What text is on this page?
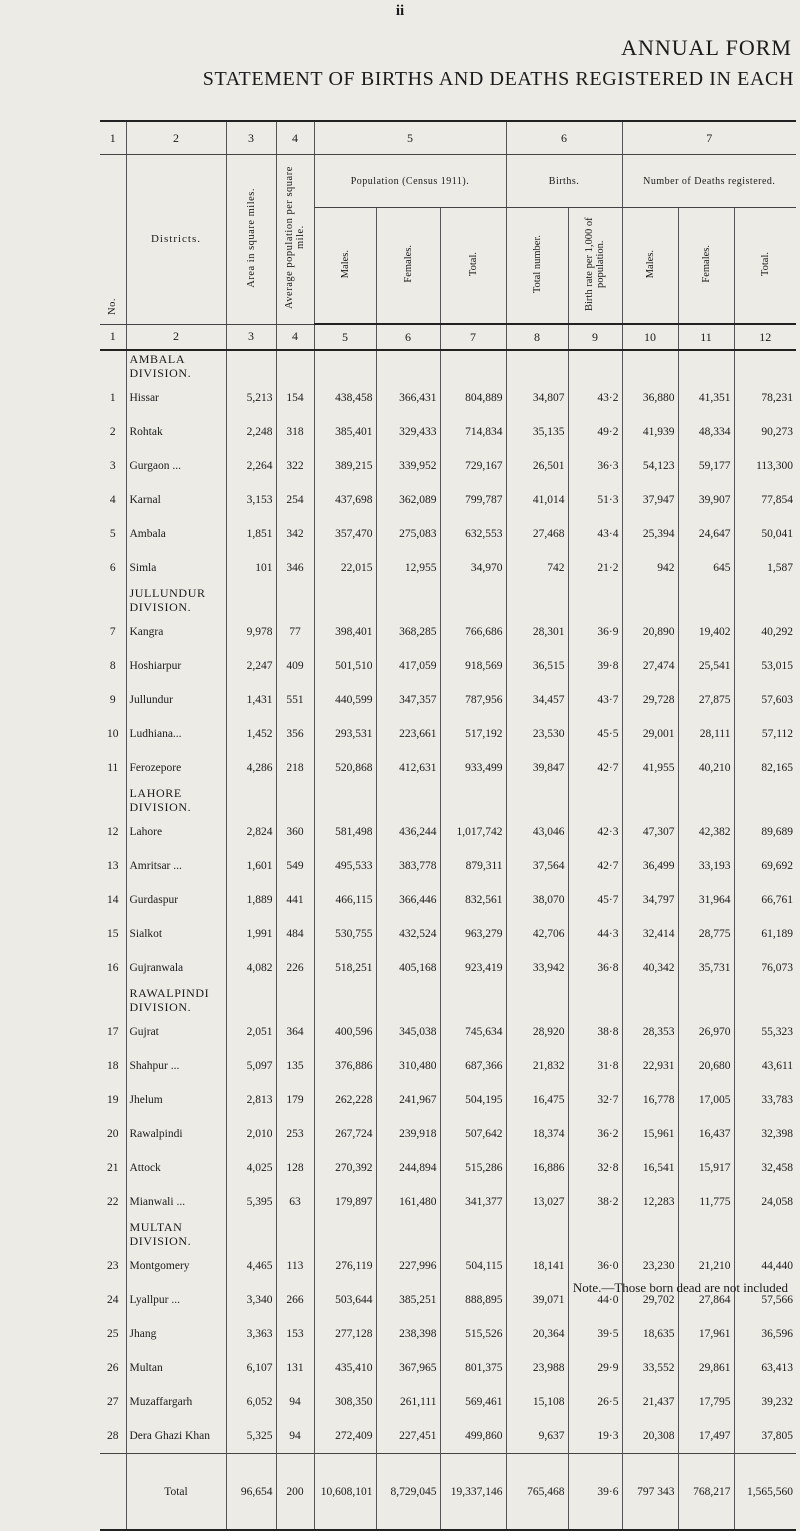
ii
ANNUAL FORM
STATEMENT OF BIRTHS AND DEATHS REGISTERED IN EACH
1	2	3	4	5			6		7		
No.	Districts.	Area in square miles.	Average population per square mile.	Population (Census 1911).			Births.		Number of Deaths registered.		
				Males.	Females.	Total.	Total number.	Birth rate per 1,000 of population.	Males.	Females.	Total.
1	2	3	4	5	6	7	8	9	10	11	12
	AMBALA DIVISION.										
1	Hissar	5,213	154	438,458	366,431	804,889	34,807	43·2	36,880	41,351	78,231
2	Rohtak	2,248	318	385,401	329,433	714,834	35,135	49·2	41,939	48,334	90,273
3	Gurgaon ...	2,264	322	389,215	339,952	729,167	26,501	36·3	54,123	59,177	113,300
4	Karnal	3,153	254	437,698	362,089	799,787	41,014	51·3	37,947	39,907	77,854
5	Ambala	1,851	342	357,470	275,083	632,553	27,468	43·4	25,394	24,647	50,041
6	Simla	101	346	22,015	12,955	34,970	742	21·2	942	645	1,587
	JULLUNDUR DIVISION.										
7	Kangra	9,978	77	398,401	368,285	766,686	28,301	36·9	20,890	19,402	40,292
8	Hoshiarpur	2,247	409	501,510	417,059	918,569	36,515	39·8	27,474	25,541	53,015
9	Jullundur	1,431	551	440,599	347,357	787,956	34,457	43·7	29,728	27,875	57,603
10	Ludhiana...	1,452	356	293,531	223,661	517,192	23,530	45·5	29,001	28,111	57,112
11	Ferozepore	4,286	218	520,868	412,631	933,499	39,847	42·7	41,955	40,210	82,165
	LAHORE DIVISION.										
12	Lahore	2,824	360	581,498	436,244	1,017,742	43,046	42·3	47,307	42,382	89,689
13	Amritsar ...	1,601	549	495,533	383,778	879,311	37,564	42·7	36,499	33,193	69,692
14	Gurdaspur	1,889	441	466,115	366,446	832,561	38,070	45·7	34,797	31,964	66,761
15	Sialkot	1,991	484	530,755	432,524	963,279	42,706	44·3	32,414	28,775	61,189
16	Gujranwala	4,082	226	518,251	405,168	923,419	33,942	36·8	40,342	35,731	76,073
	RAWALPINDI DIVISION.										
17	Gujrat	2,051	364	400,596	345,038	745,634	28,920	38·8	28,353	26,970	55,323
18	Shahpur ...	5,097	135	376,886	310,480	687,366	21,832	31·8	22,931	20,680	43,611
19	Jhelum	2,813	179	262,228	241,967	504,195	16,475	32·7	16,778	17,005	33,783
20	Rawalpindi	2,010	253	267,724	239,918	507,642	18,374	36·2	15,961	16,437	32,398
21	Attock	4,025	128	270,392	244,894	515,286	16,886	32·8	16,541	15,917	32,458
22	Mianwali ...	5,395	63	179,897	161,480	341,377	13,027	38·2	12,283	11,775	24,058
	MULTAN DIVISION.										
23	Montgomery	4,465	113	276,119	227,996	504,115	18,141	36·0	23,230	21,210	44,440
24	Lyallpur ...	3,340	266	503,644	385,251	888,895	39,071	44·0	29,702	27,864	57,566
25	Jhang	3,363	153	277,128	238,398	515,526	20,364	39·5	18,635	17,961	36,596
26	Multan	6,107	131	435,410	367,965	801,375	23,988	29·9	33,552	29,861	63,413
27	Muzaffargarh	6,052	94	308,350	261,111	569,461	15,108	26·5	21,437	17,795	39,232
28	Dera Ghazi Khan	5,325	94	272,409	227,451	499,860	9,637	19·3	20,308	17,497	37,805
	Total	96,654	200	10,608,101	8,729,045	19,337,146	765,468	39·6	797 343	768,217	1,565,560
Note.—Those born dead are not included
